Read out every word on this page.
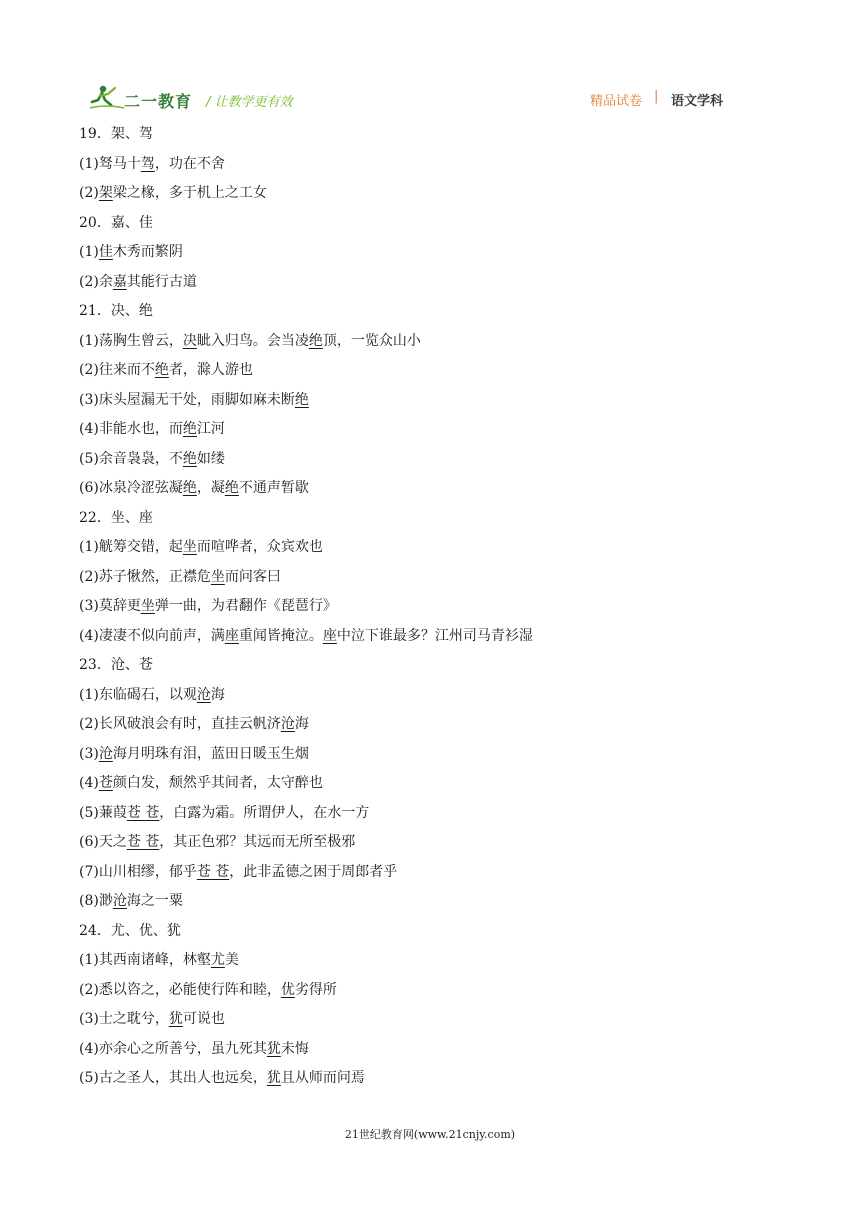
二一教育 / 让教学更有效	精品试卷 | 语文学科
19．架、驾
(1)驽马十驾，功在不舍
(2)架梁之椽，多于机上之工女
20．嘉、佳
(1)佳木秀而繁阴
(2)余嘉其能行古道
21．决、绝
(1)荡胸生曾云，决眦入归鸟。会当凌绝顶，一览众山小
(2)往来而不绝者，滁人游也
(3)床头屋漏无干处，雨脚如麻未断绝
(4)非能水也，而绝江河
(5)余音袅袅，不绝如缕
(6)冰泉冷涩弦凝绝，凝绝不通声暂歇
22．坐、座
(1)觥筹交错，起坐而喧哗者，众宾欢也
(2)苏子愀然，正襟危坐而问客曰
(3)莫辞更坐弹一曲，为君翻作《琵琶行》
(4)凄凄不似向前声，满座重闻皆掩泣。座中泣下谁最多？江州司马青衫湿
23．沧、苍
(1)东临碣石，以观沧海
(2)长风破浪会有时，直挂云帆济沧海
(3)沧海月明珠有泪，蓝田日暖玉生烟
(4)苍颜白发，颓然乎其间者，太守醉也
(5)蒹葭苍 苍，白露为霜。所谓伊人，在水一方
(6)天之苍 苍，其正色邪？其远而无所至极邪
(7)山川相缪，郁乎苍 苍，此非孟德之困于周郎者乎
(8)渺沧海之一粟
24．尤、优、犹
(1)其西南诸峰，林壑尤美
(2)悉以咨之，必能使行阵和睦，优劣得所
(3)士之耽兮，犹可说也
(4)亦余心之所善兮，虽九死其犹未悔
(5)古之圣人，其出人也远矣，犹且从师而问焉
21世纪教育网(www.21cnjy.com)
